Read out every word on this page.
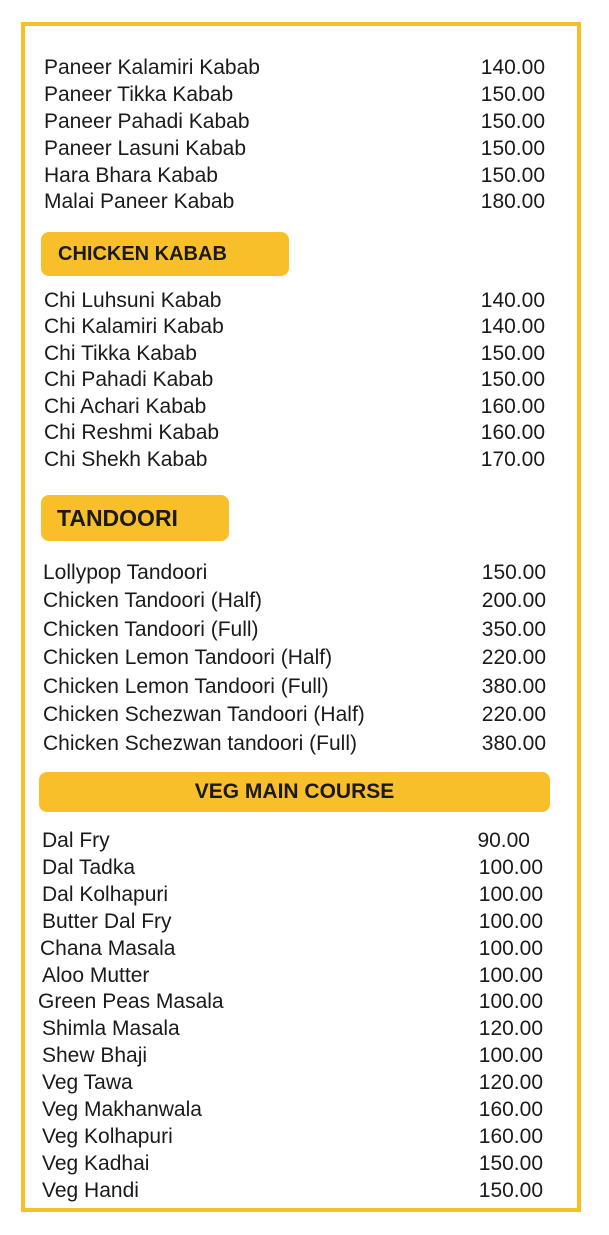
Paneer Kalamiri Kabab	140.00
Paneer Tikka Kabab	150.00
Paneer Pahadi Kabab	150.00
Paneer Lasuni Kabab	150.00
Hara Bhara Kabab	150.00
Malai Paneer Kabab	180.00
CHICKEN KABAB
Chi Luhsuni Kabab	140.00
Chi Kalamiri Kabab	140.00
Chi Tikka Kabab	150.00
Chi Pahadi Kabab	150.00
Chi Achari Kabab	160.00
Chi Reshmi Kabab	160.00
Chi Shekh Kabab	170.00
TANDOORI
Lollypop Tandoori	150.00
Chicken Tandoori (Half)	200.00
Chicken Tandoori (Full)	350.00
Chicken Lemon Tandoori (Half)	220.00
Chicken Lemon Tandoori (Full)	380.00
Chicken Schezwan Tandoori (Half)	220.00
Chicken Schezwan tandoori (Full)	380.00
VEG MAIN COURSE
Dal Fry	90.00
Dal Tadka	100.00
Dal Kolhapuri	100.00
Butter Dal Fry	100.00
Chana Masala	100.00
Aloo Mutter	100.00
Green Peas Masala	100.00
Shimla Masala	120.00
Shew Bhaji	100.00
Veg Tawa	120.00
Veg Makhanwala	160.00
Veg Kolhapuri	160.00
Veg Kadhai	150.00
Veg Handi	150.00
